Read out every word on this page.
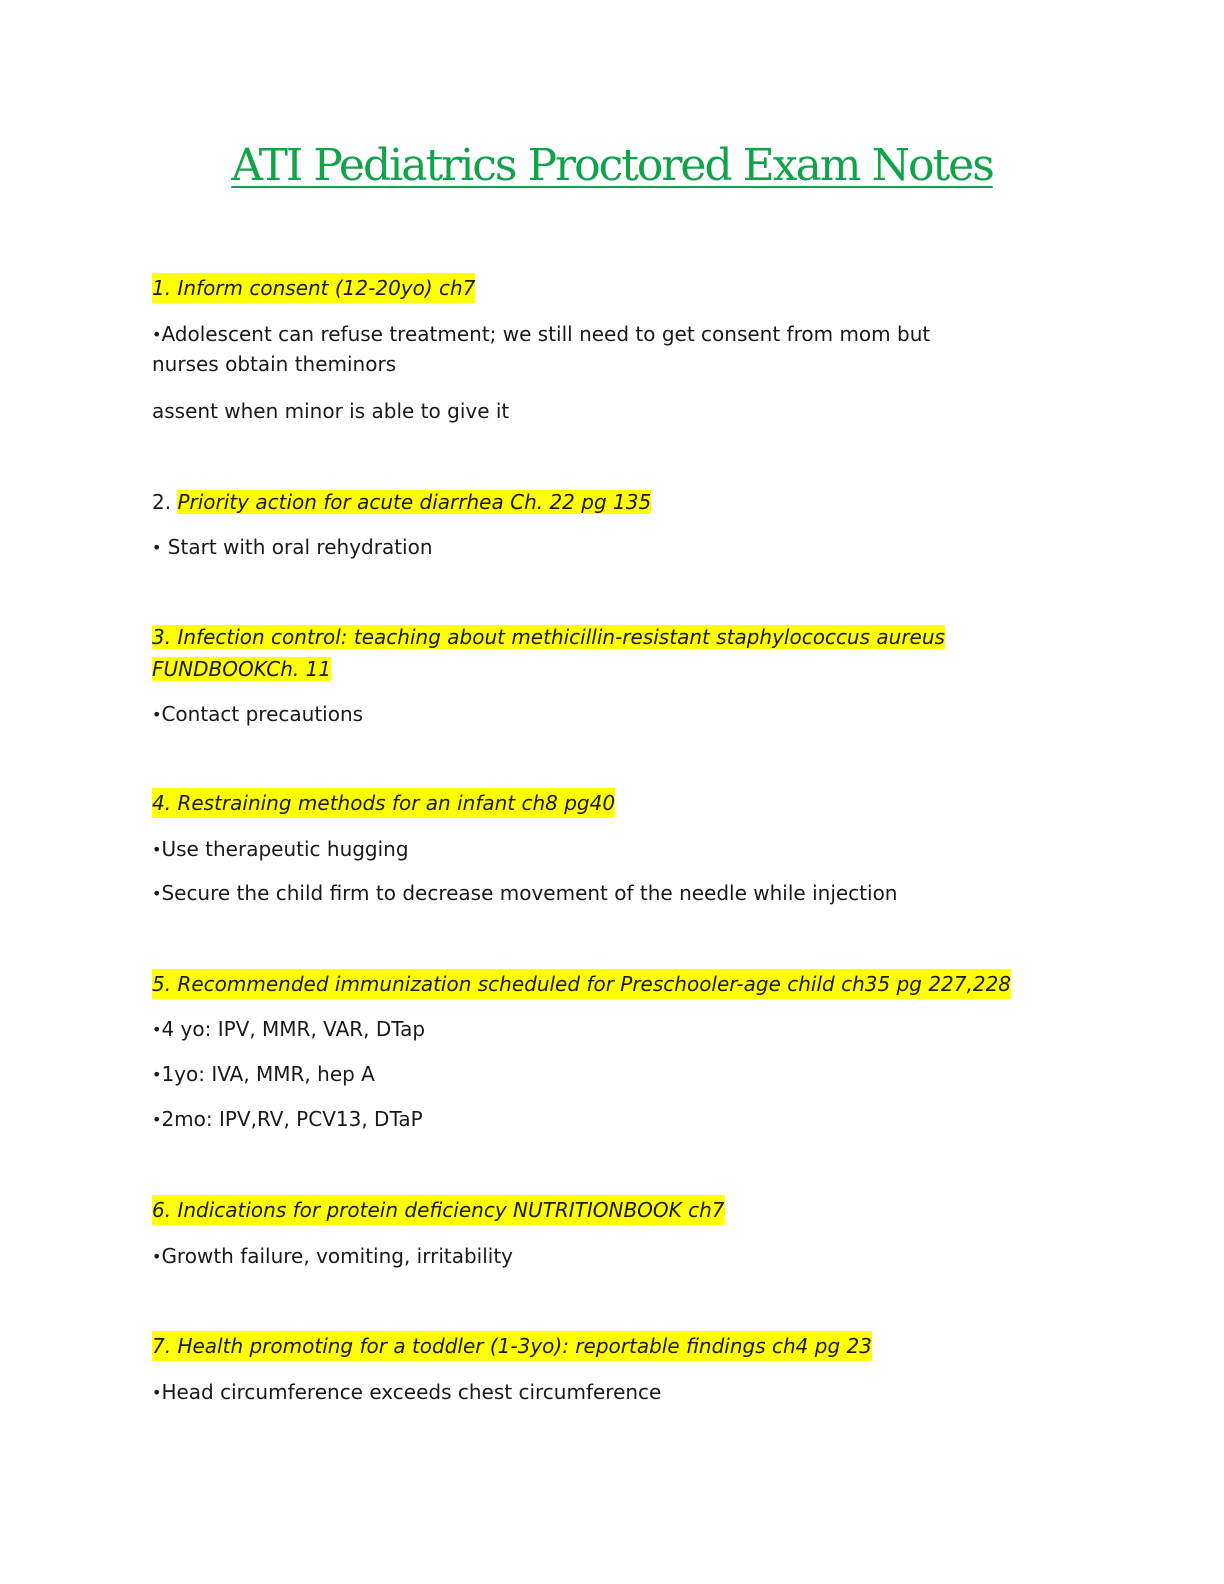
ATI Pediatrics Proctored Exam Notes
1. Inform consent (12-20yo) ch7
•Adolescent can refuse treatment; we still need to get consent from mom but
nurses obtain theminors
assent when minor is able to give it
2. Priority action for acute diarrhea Ch. 22 pg 135
• Start with oral rehydration
3. Infection control: teaching about methicillin-resistant staphylococcus aureus
FUNDBOOKCh. 11
•Contact precautions
4. Restraining methods for an infant ch8 pg40
•Use therapeutic hugging
•Secure the child firm to decrease movement of the needle while injection
5. Recommended immunization scheduled for Preschooler-age child ch35 pg 227,228
•4 yo: IPV, MMR, VAR, DTap
•1yo: IVA, MMR, hep A
•2mo: IPV,RV, PCV13, DTaP
6. Indications for protein deficiency NUTRITIONBOOK ch7
•Growth failure, vomiting, irritability
7. Health promoting for a toddler (1-3yo): reportable findings ch4 pg 23
•Head circumference exceeds chest circumference
